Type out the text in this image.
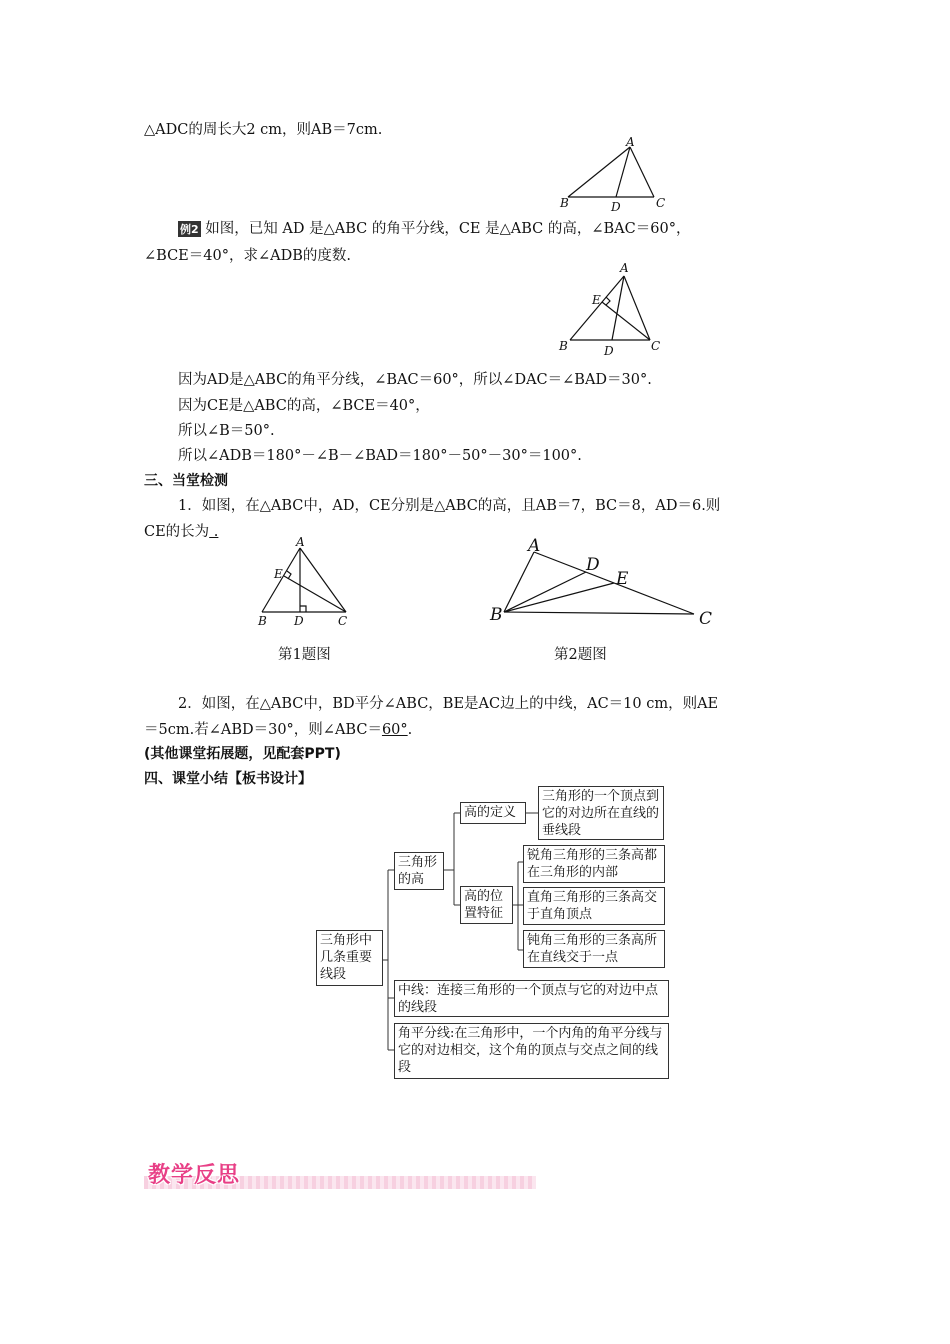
△ADC的周长大2 cm，则AB＝7cm.
A
B	C
D
例2 如图，已知 AD 是△ABC 的角平分线，CE 是△ABC 的高，∠BAC＝60°，
∠BCE＝40°，求∠ADB的度数.
A
E
B	C
D
因为AD是△ABC的角平分线，∠BAC＝60°，所以∠DAC＝∠BAD＝30°.
因为CE是△ABC的高，∠BCE＝40°，
所以∠B＝50°.
所以∠ADB＝180°－∠B－∠BAD＝180°－50°－30°＝100°.
三、当堂检测
1．如图，在△ABC中，AD，CE分别是△ABC的高，且AB＝7，BC＝8，AD＝6.则
CE的长为 .
A
E
B D	C
A
D
E
B	C
第1题图	第2题图
2．如图，在△ABC中，BD平分∠ABC，BE是AC边上的中线，AC＝10 cm，则AE
＝5cm.若∠ABD＝30°，则∠ABC＝60°.
(其他课堂拓展题，见配套PPT)
四、课堂小结【板书设计】
三角形中几条重要线段
三角形的高
高的定义
三角形的一个顶点到它的对边所在直线的垂线段
高的位置特征
锐角三角形的三条高都在三角形的内部
直角三角形的三条高交于直角顶点
钝角三角形的三条高所在直线交于一点
中线：连接三角形的一个顶点与它的对边中点的线段
角平分线:在三角形中，一个内角的角平分线与它的对边相交，这个角的顶点与交点之间的线段
教学反思
